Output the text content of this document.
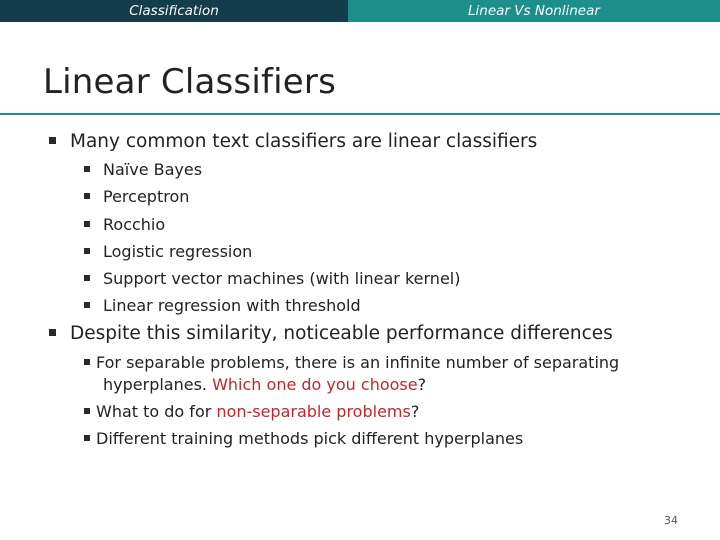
Classification	Linear Vs Nonlinear
Linear Classifiers
Many common text classifiers are linear classifiers
Naïve Bayes
Perceptron
Rocchio
Logistic regression
Support vector machines (with linear kernel)
Linear regression with threshold
Despite this similarity, noticeable performance differences
For separable problems, there is an infinite number of separating
hyperplanes. Which one do you choose?
What to do for non-separable problems?
Different training methods pick different hyperplanes
34
